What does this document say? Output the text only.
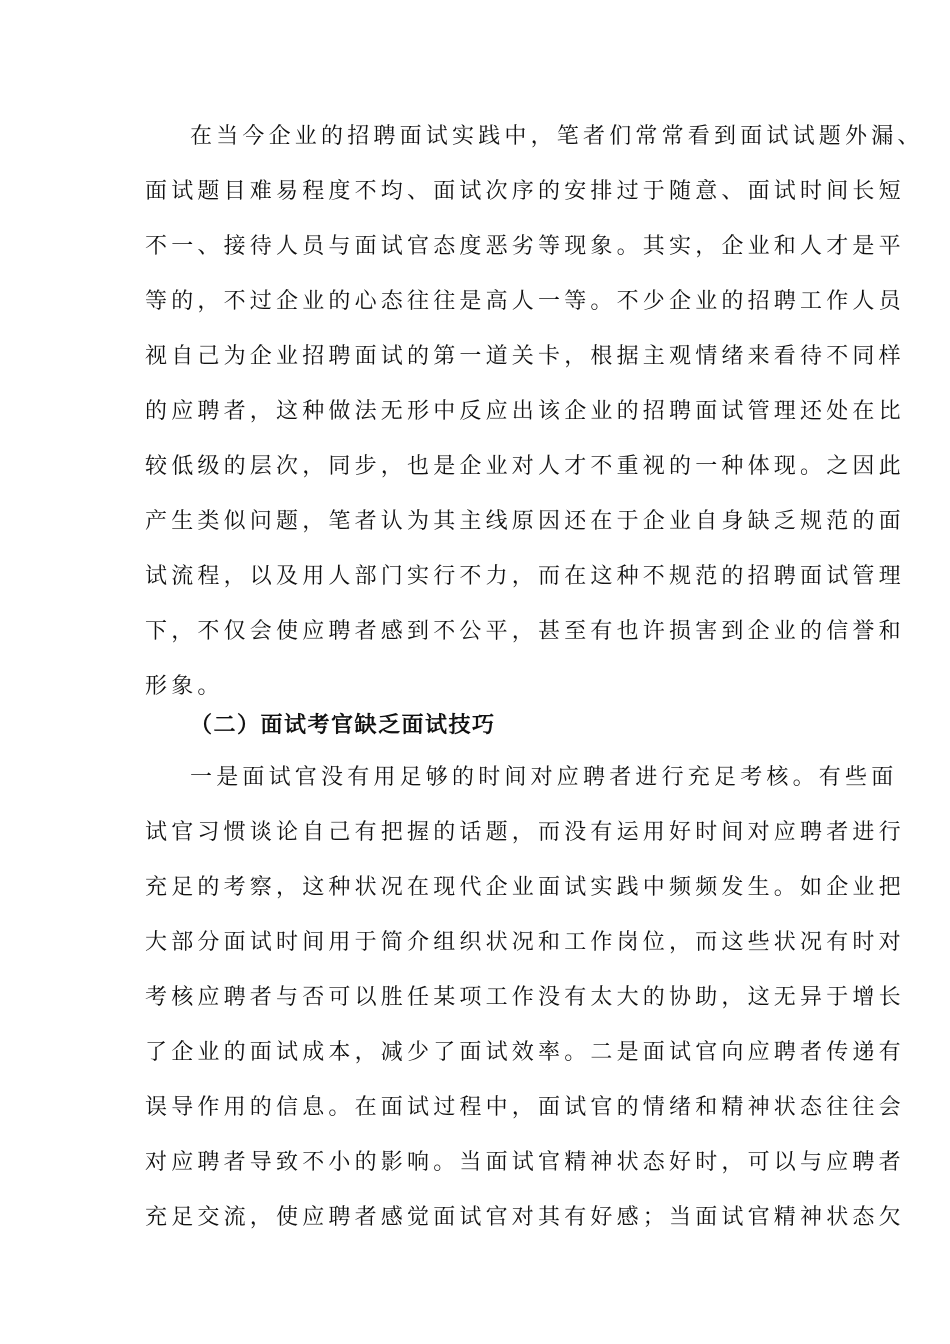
在当今企业的招聘面试实践中，笔者们常常看到面试试题外漏、
面试题目难易程度不均、面试次序的安排过于随意、面试时间长短
不一、接待人员与面试官态度恶劣等现象。其实，企业和人才是平
等的，不过企业的心态往往是高人一等。不少企业的招聘工作人员
视自己为企业招聘面试的第一道关卡，根据主观情绪来看待不同样
的应聘者，这种做法无形中反应出该企业的招聘面试管理还处在比
较低级的层次，同步，也是企业对人才不重视的一种体现。之因此
产生类似问题，笔者认为其主线原因还在于企业自身缺乏规范的面
试流程，以及用人部门实行不力，而在这种不规范的招聘面试管理
下，不仅会使应聘者感到不公平，甚至有也许损害到企业的信誉和
形象。
（二）面试考官缺乏面试技巧
一是面试官没有用足够的时间对应聘者进行充足考核。有些面
试官习惯谈论自己有把握的话题，而没有运用好时间对应聘者进行
充足的考察，这种状况在现代企业面试实践中频频发生。如企业把
大部分面试时间用于简介组织状况和工作岗位，而这些状况有时对
考核应聘者与否可以胜任某项工作没有太大的协助，这无异于增长
了企业的面试成本，减少了面试效率。二是面试官向应聘者传递有
误导作用的信息。在面试过程中，面试官的情绪和精神状态往往会
对应聘者导致不小的影响。当面试官精神状态好时，可以与应聘者
充足交流，使应聘者感觉面试官对其有好感；当面试官精神状态欠
